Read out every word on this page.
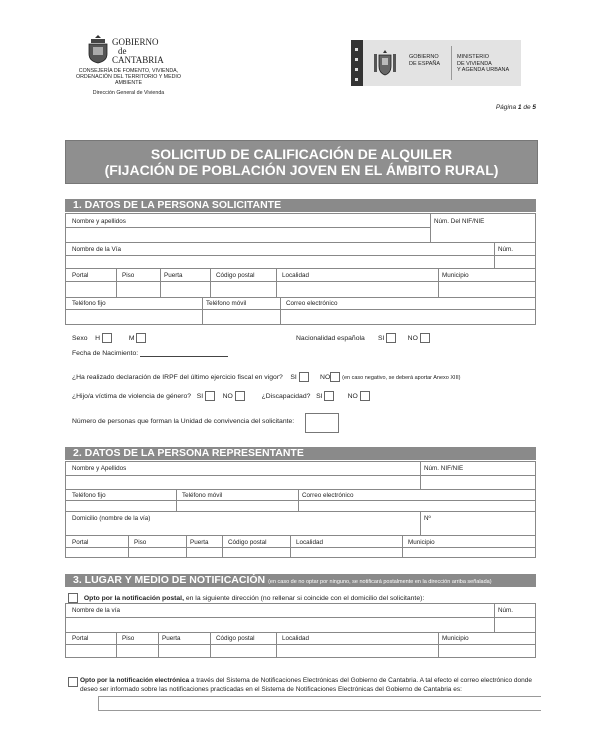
GOBIERNO
de
CANTABRIA
CONSEJERÍA DE FOMENTO, VIVIENDA, ORDENACIÓN DEL TERRITORIO Y MEDIO AMBIENTE
Dirección General de Vivienda
GOBIERNO
DE ESPAÑA
MINISTERIO
DE VIVIENDA
Y AGENDA URBANA
Página 1 de 5
SOLICITUD DE CALIFICACIÓN DE ALQUILER
(FIJACIÓN DE POBLACIÓN JOVEN EN EL ÁMBITO RURAL)
1. DATOS DE LA PERSONA SOLICITANTE
Nombre y apellidos	Núm. Del NIF/NIE
Nombre de la Vía	Núm.
Portal	Piso	Puerta	Código postal	Localidad	Municipio
Teléfono fijo	Teléfono móvil	Correo electrónico
Sexo H	M	Nacionalidad española SI	NO
Fecha de Nacimiento:
¿Ha realizado declaración de IRPF del último ejercicio fiscal en vigor? SI	NO (en caso negativo, se deberá aportar Anexo XIII)
¿Hijo/a víctima de violencia de género? SI	NO	¿Discapacidad? SI	NO
Número de personas que forman la Unidad de convivencia del solicitante:
2. DATOS DE LA PERSONA REPRESENTANTE
Nombre y Apellidos	Núm. NIF/NIE
Teléfono fijo	Teléfono móvil	Correo electrónico
Domicilio (nombre de la vía)	Nº
Portal	Piso	Puerta	Código postal	Localidad	Municipio
3. LUGAR Y MEDIO DE NOTIFICACIÓN (en caso de no optar por ninguno, se notificará postalmente en la dirección arriba señalada)
Opto por la notificación postal, en la siguiente dirección (no rellenar si coincide con el domicilio del solicitante):
Nombre de la vía	Núm.
Portal	Piso	Puerta	Código postal	Localidad	Municipio
Opto por la notificación electrónica a través del Sistema de Notificaciones Electrónicas del Gobierno de Cantabria. A tal efecto el correo electrónico donde deseo ser informado sobre las notificaciones practicadas en el Sistema de Notificaciones Electrónicas del Gobierno de Cantabria es:
